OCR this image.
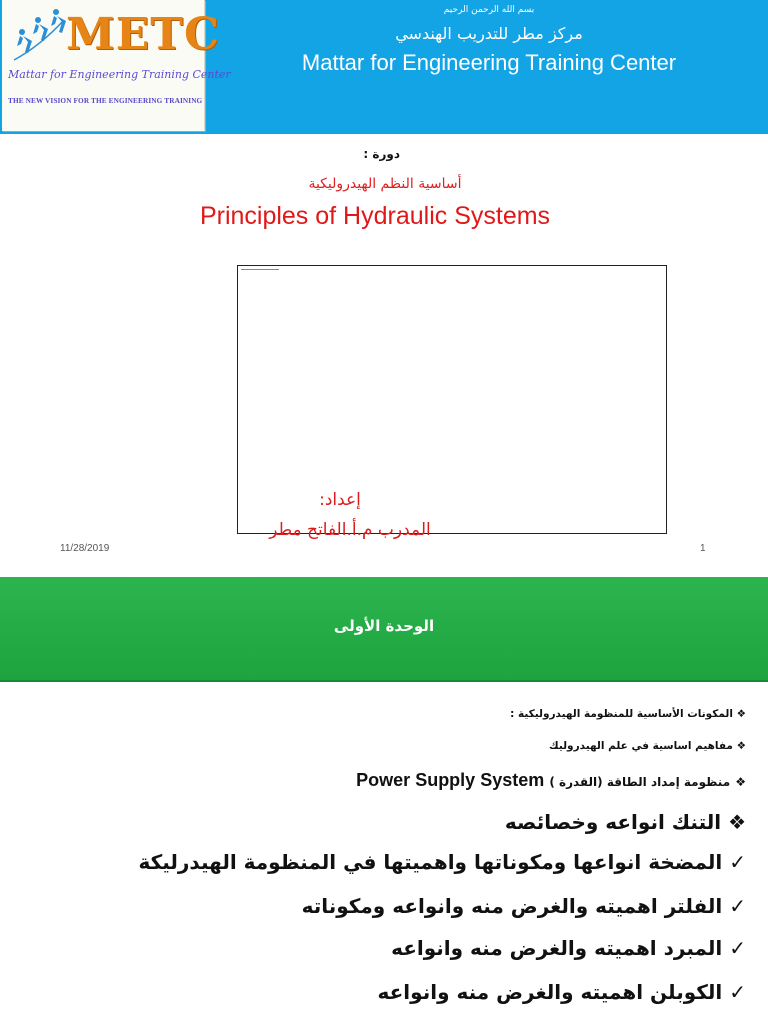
METC
Mattar for Engineering Training Center
THE NEW VISION FOR THE ENGINEERING TRAINING
بسم الله الرحمن الرحيم
مركز مطر للتدريب الهندسي
Mattar for Engineering Training Center
دورة :
أساسية النظم الهيدروليكية
Principles of Hydraulic Systems
إعداد:
المدرب م.أ.الفاتح مطر
11/28/2019	1
الوحدة الأولى
❖ المكونات الأساسية للمنظومة الهيدروليكية :
❖ مفاهيم اساسية في علم الهيدروليك
❖ منظومة إمداد الطاقة (القدرة ) Power Supply System
❖ التنك انواعه وخصائصه
✓ المضخة انواعها ومكوناتها واهميتها في المنظومة الهيدرليكة
✓ الفلتر اهميته والغرض منه وانواعه ومكوناته
✓ المبرد اهميته والغرض منه وانواعه
✓ الكوبلن اهميته والغرض منه وانواعه
